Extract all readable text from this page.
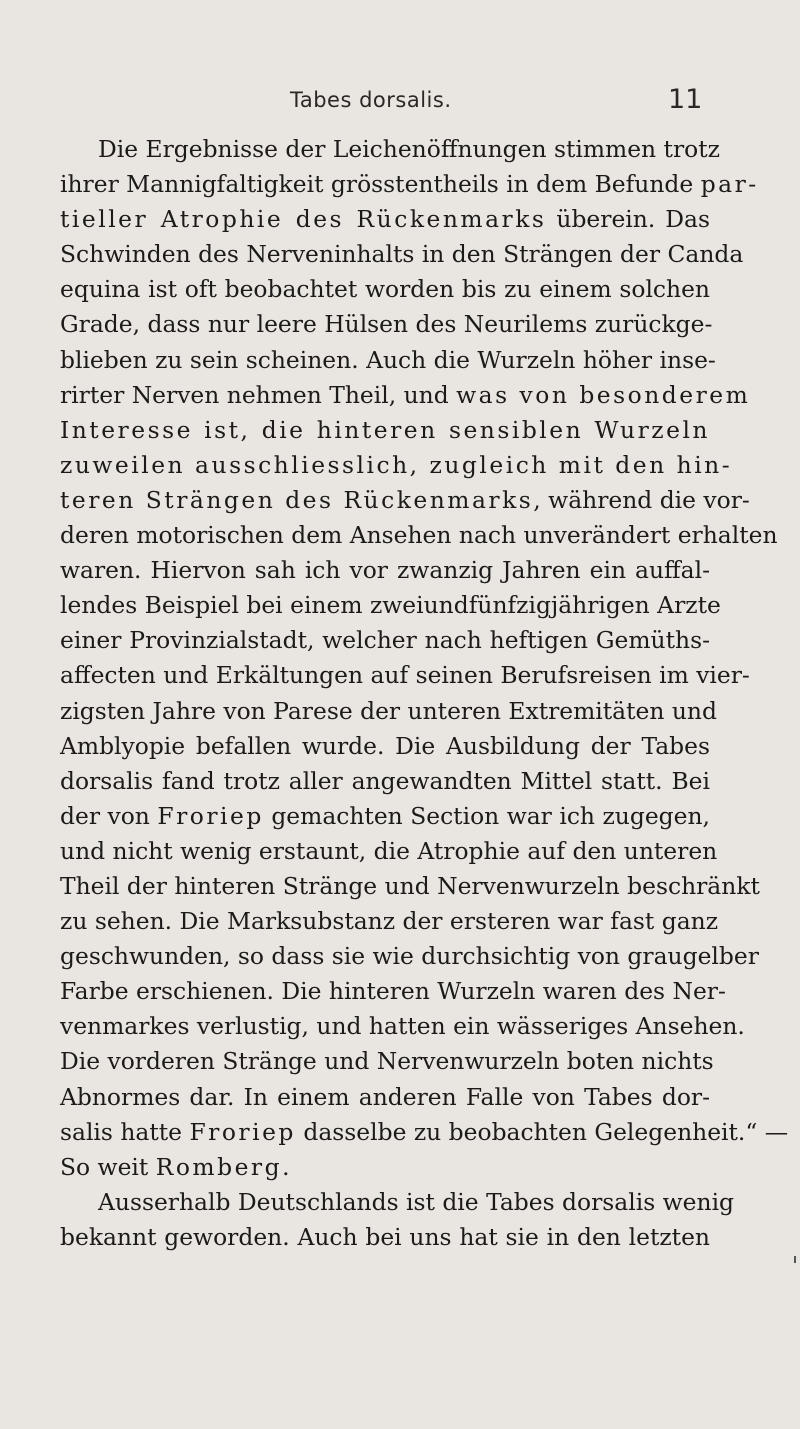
Tabes dorsalis.	11

Die Ergebnisse der Leichenöffnungen stimmen trotz

ihrer Mannigfaltigkeit grösstentheils in dem Befunde par-

tieller Atrophie des Rückenmarks überein. Das

Schwinden des Nerveninhalts in den Strängen der Canda

equina ist oft beobachtet worden bis zu einem solchen

Grade, dass nur leere Hülsen des Neurilems zurückge-

blieben zu sein scheinen. Auch die Wurzeln höher inse-

rirter Nerven nehmen Theil, und was von besonderem

Interesse ist, die hinteren sensiblen Wurzeln

zuweilen ausschliesslich, zugleich mit den hin-

teren Strängen des Rückenmarks, während die vor-

deren motorischen dem Ansehen nach unverändert erhalten

waren. Hiervon sah ich vor zwanzig Jahren ein auffal-

lendes Beispiel bei einem zweiundfünfzigjährigen Arzte

einer Provinzialstadt, welcher nach heftigen Gemüths-

affecten und Erkältungen auf seinen Berufsreisen im vier-

zigsten Jahre von Parese der unteren Extremitäten und

Amblyopie befallen wurde. Die Ausbildung der Tabes

dorsalis fand trotz aller angewandten Mittel statt. Bei

der von Froriep gemachten Section war ich zugegen,

und nicht wenig erstaunt, die Atrophie auf den unteren

Theil der hinteren Stränge und Nervenwurzeln beschränkt

zu sehen. Die Marksubstanz der ersteren war fast ganz

geschwunden, so dass sie wie durchsichtig von graugelber

Farbe erschienen. Die hinteren Wurzeln waren des Ner-

venmarkes verlustig, und hatten ein wässeriges Ansehen.

Die vorderen Stränge und Nervenwurzeln boten nichts

Abnormes dar. In einem anderen Falle von Tabes dor-

salis hatte Froriep dasselbe zu beobachten Gelegenheit.“ —

So weit Romberg.

Ausserhalb Deutschlands ist die Tabes dorsalis wenig

bekannt geworden. Auch bei uns hat sie in den letzten
